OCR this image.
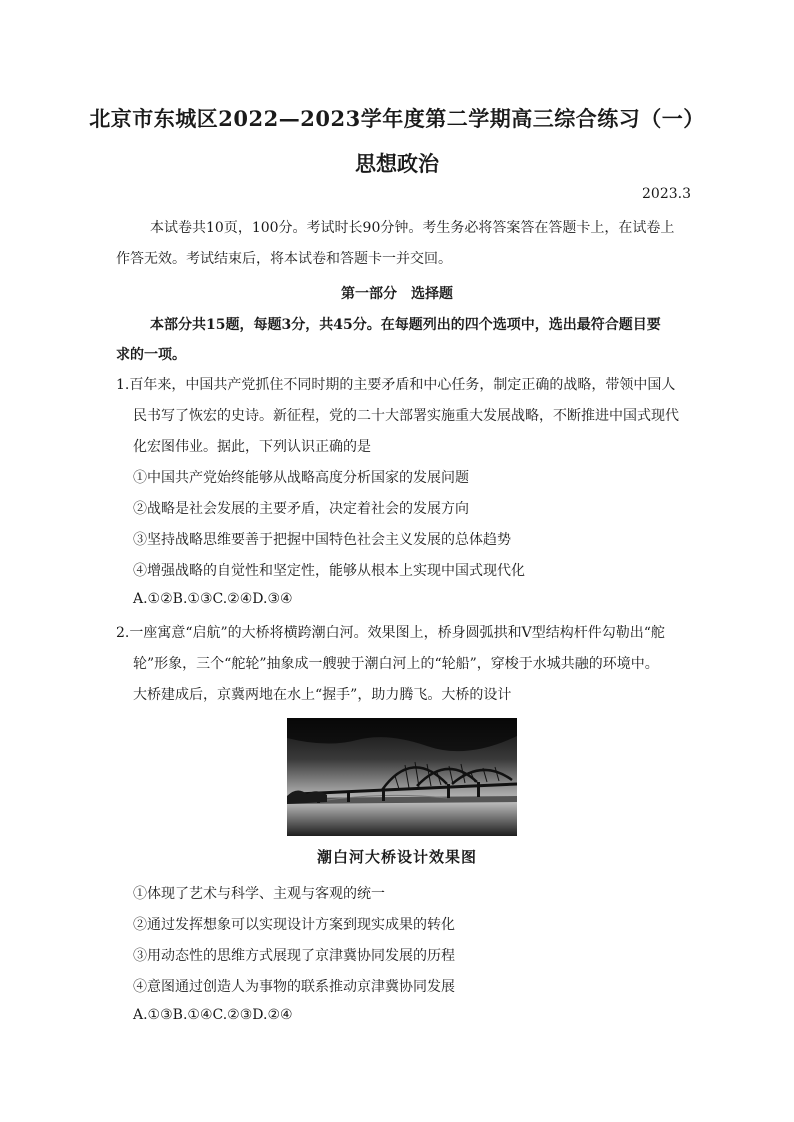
北京市东城区2022—2023学年度第二学期高三综合练习（一）
思想政治
2023.3
本试卷共10页，100分。考试时长90分钟。考生务必将答案答在答题卡上，在试卷上
作答无效。考试结束后，将本试卷和答题卡一并交回。
第一部分　选择题
本部分共15题，每题3分，共45分。在每题列出的四个选项中，选出最符合题目要
求的一项。
1.百年来，中国共产党抓住不同时期的主要矛盾和中心任务，制定正确的战略，带领中国人
民书写了恢宏的史诗。新征程，党的二十大部署实施重大发展战略，不断推进中国式现代
化宏图伟业。据此，下列认识正确的是
①中国共产党始终能够从战略高度分析国家的发展问题
②战略是社会发展的主要矛盾，决定着社会的发展方向
③坚持战略思维要善于把握中国特色社会主义发展的总体趋势
④增强战略的自觉性和坚定性，能够从根本上实现中国式现代化
A.①②B.①③C.②④D.③④
2.一座寓意“启航”的大桥将横跨潮白河。效果图上，桥身圆弧拱和V型结构杆件勾勒出“舵
轮”形象，三个“舵轮”抽象成一艘驶于潮白河上的“轮船”，穿梭于水城共融的环境中。
大桥建成后，京冀两地在水上“握手”，助力腾飞。大桥的设计
潮白河大桥设计效果图
①体现了艺术与科学、主观与客观的统一
②通过发挥想象可以实现设计方案到现实成果的转化
③用动态性的思维方式展现了京津冀协同发展的历程
④意图通过创造人为事物的联系推动京津冀协同发展
A.①③B.①④C.②③D.②④
